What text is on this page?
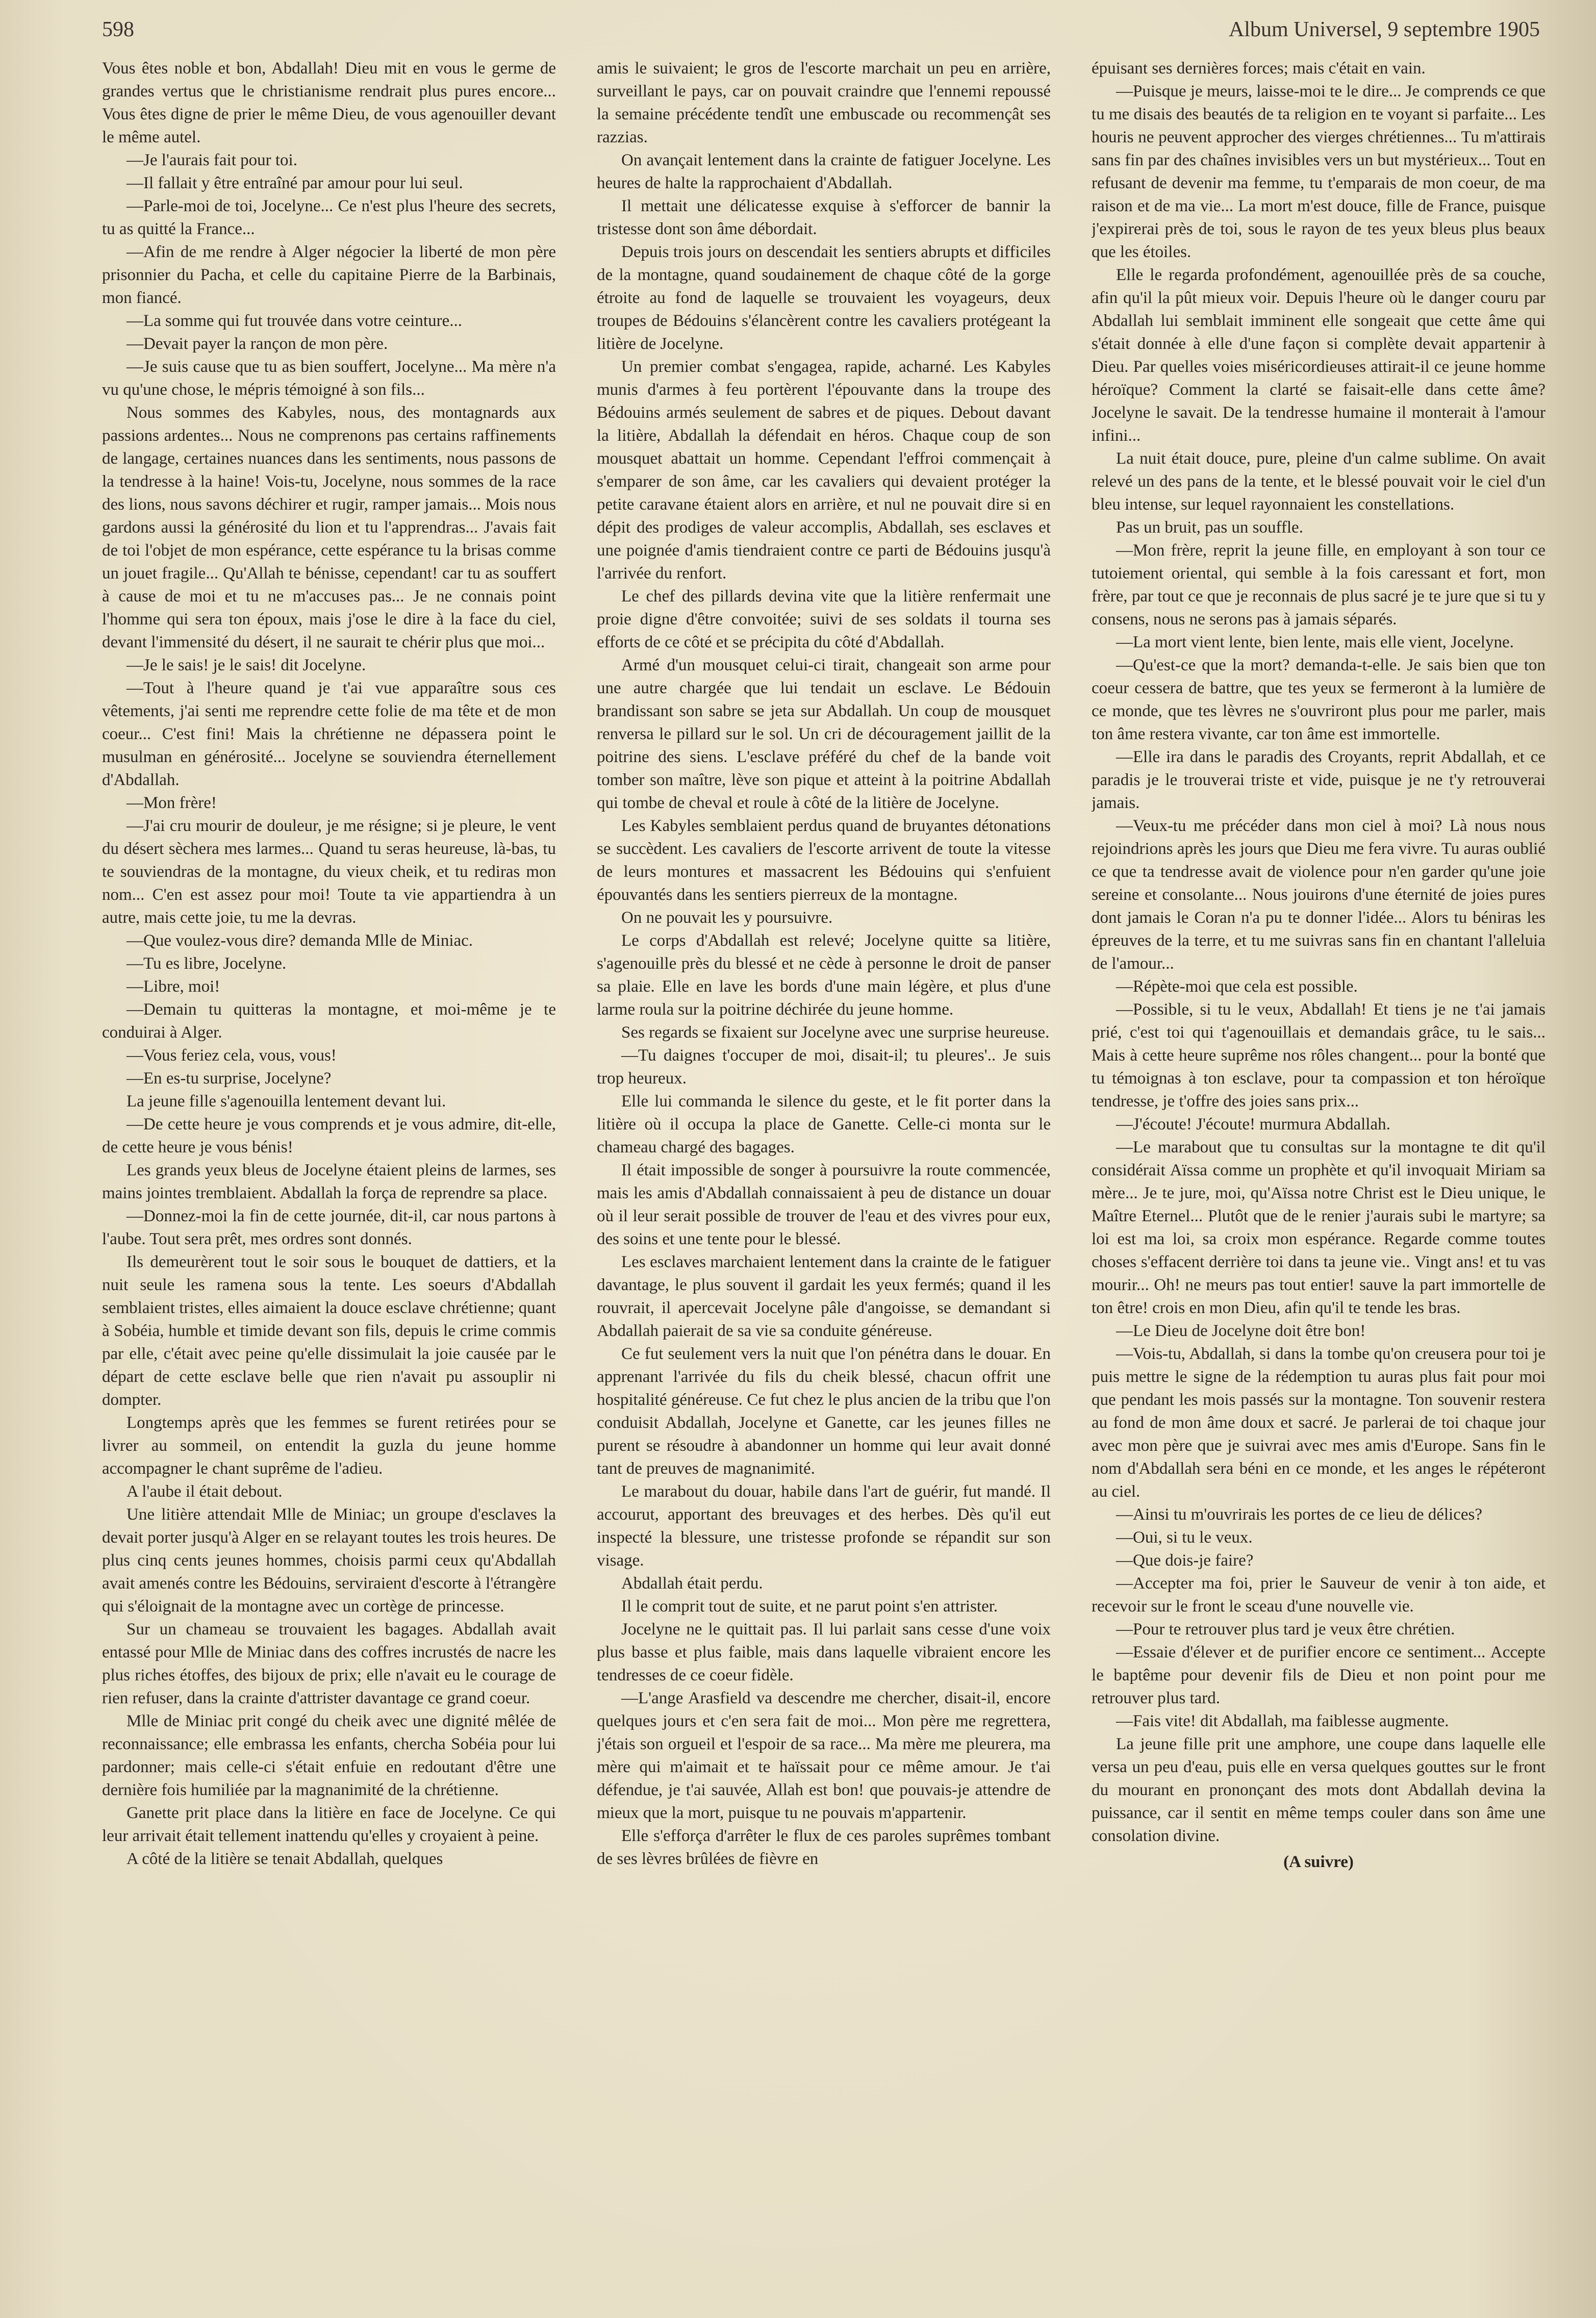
598	Album Universel, 9 septembre 1905

Vous êtes noble et bon, Abdallah! Dieu mit en vous le germe de grandes vertus que le christianisme rendrait plus pures encore... Vous êtes digne de prier le même Dieu, de vous agenouiller devant le même autel.

—Je l'aurais fait pour toi.

—Il fallait y être entraîné par amour pour lui seul.

—Parle-moi de toi, Jocelyne... Ce n'est plus l'heure des secrets, tu as quitté la France...

—Afin de me rendre à Alger négocier la liberté de mon père prisonnier du Pacha, et celle du capitaine Pierre de la Barbinais, mon fiancé.

—La somme qui fut trouvée dans votre ceinture...

—Devait payer la rançon de mon père.

—Je suis cause que tu as bien souffert, Jocelyne... Ma mère n'a vu qu'une chose, le mépris témoigné à son fils...

Nous sommes des Kabyles, nous, des montagnards aux passions ardentes... Nous ne comprenons pas certains raffinements de langage, certaines nuances dans les sentiments, nous passons de la tendresse à la haine! Vois-tu, Jocelyne, nous sommes de la race des lions, nous savons déchirer et rugir, ramper jamais... Mois nous gardons aussi la générosité du lion et tu l'apprendras... J'avais fait de toi l'objet de mon espérance, cette espérance tu la brisas comme un jouet fragile... Qu'Allah te bénisse, cependant! car tu as souffert à cause de moi et tu ne m'accuses pas... Je ne connais point l'homme qui sera ton époux, mais j'ose le dire à la face du ciel, devant l'immensité du désert, il ne saurait te chérir plus que moi...

—Je le sais! je le sais! dit Jocelyne.

—Tout à l'heure quand je t'ai vue apparaître sous ces vêtements, j'ai senti me reprendre cette folie de ma tête et de mon coeur... C'est fini! Mais la chrétienne ne dépassera point le musulman en générosité... Jocelyne se souviendra éternellement d'Abdallah.

—Mon frère!

—J'ai cru mourir de douleur, je me résigne; si je pleure, le vent du désert sèchera mes larmes... Quand tu seras heureuse, là-bas, tu te souviendras de la montagne, du vieux cheik, et tu rediras mon nom... C'en est assez pour moi! Toute ta vie appartiendra à un autre, mais cette joie, tu me la devras.

—Que voulez-vous dire? demanda Mlle de Miniac.

—Tu es libre, Jocelyne.

—Libre, moi!

—Demain tu quitteras la montagne, et moi-même je te conduirai à Alger.

—Vous feriez cela, vous, vous!

—En es-tu surprise, Jocelyne?

La jeune fille s'agenouilla lentement devant lui.

—De cette heure je vous comprends et je vous admire, dit-elle, de cette heure je vous bénis!

Les grands yeux bleus de Jocelyne étaient pleins de larmes, ses mains jointes tremblaient. Abdallah la força de reprendre sa place.

—Donnez-moi la fin de cette journée, dit-il, car nous partons à l'aube. Tout sera prêt, mes ordres sont donnés.

Ils demeurèrent tout le soir sous le bouquet de dattiers, et la nuit seule les ramena sous la tente. Les soeurs d'Abdallah semblaient tristes, elles aimaient la douce esclave chrétienne; quant à Sobéia, humble et timide devant son fils, depuis le crime commis par elle, c'était avec peine qu'elle dissimulait la joie causée par le départ de cette esclave belle que rien n'avait pu assouplir ni dompter.

Longtemps après que les femmes se furent retirées pour se livrer au sommeil, on entendit la guzla du jeune homme accompagner le chant suprême de l'adieu.

A l'aube il était debout.

Une litière attendait Mlle de Miniac; un groupe d'esclaves la devait porter jusqu'à Alger en se relayant toutes les trois heures. De plus cinq cents jeunes hommes, choisis parmi ceux qu'Abdallah avait amenés contre les Bédouins, serviraient d'escorte à l'étrangère qui s'éloignait de la montagne avec un cortège de princesse.

Sur un chameau se trouvaient les bagages. Abdallah avait entassé pour Mlle de Miniac dans des coffres incrustés de nacre les plus riches étoffes, des bijoux de prix; elle n'avait eu le courage de rien refuser, dans la crainte d'attrister davantage ce grand coeur.

Mlle de Miniac prit congé du cheik avec une dignité mêlée de reconnaissance; elle embrassa les enfants, chercha Sobéia pour lui pardonner; mais celle-ci s'était enfuie en redoutant d'être une dernière fois humiliée par la magnanimité de la chrétienne.

Ganette prit place dans la litière en face de Jocelyne. Ce qui leur arrivait était tellement inattendu qu'elles y croyaient à peine.

A côté de la litière se tenait Abdallah, quelques

amis le suivaient; le gros de l'escorte marchait un peu en arrière, surveillant le pays, car on pouvait craindre que l'ennemi repoussé la semaine précédente tendît une embuscade ou recommençât ses razzias.

On avançait lentement dans la crainte de fatiguer Jocelyne. Les heures de halte la rapprochaient d'Abdallah.

Il mettait une délicatesse exquise à s'efforcer de bannir la tristesse dont son âme débordait.

Depuis trois jours on descendait les sentiers abrupts et difficiles de la montagne, quand soudainement de chaque côté de la gorge étroite au fond de laquelle se trouvaient les voyageurs, deux troupes de Bédouins s'élancèrent contre les cavaliers protégeant la litière de Jocelyne.

Un premier combat s'engagea, rapide, acharné. Les Kabyles munis d'armes à feu portèrent l'épouvante dans la troupe des Bédouins armés seulement de sabres et de piques. Debout davant la litière, Abdallah la défendait en héros. Chaque coup de son mousquet abattait un homme. Cependant l'effroi commençait à s'emparer de son âme, car les cavaliers qui devaient protéger la petite caravane étaient alors en arrière, et nul ne pouvait dire si en dépit des prodiges de valeur accomplis, Abdallah, ses esclaves et une poignée d'amis tiendraient contre ce parti de Bédouins jusqu'à l'arrivée du renfort.

Le chef des pillards devina vite que la litière renfermait une proie digne d'être convoitée; suivi de ses soldats il tourna ses efforts de ce côté et se précipita du côté d'Abdallah.

Armé d'un mousquet celui-ci tirait, changeait son arme pour une autre chargée que lui tendait un esclave. Le Bédouin brandissant son sabre se jeta sur Abdallah. Un coup de mousquet renversa le pillard sur le sol. Un cri de découragement jaillit de la poitrine des siens. L'esclave préféré du chef de la bande voit tomber son maître, lève son pique et atteint à la poitrine Abdallah qui tombe de cheval et roule à côté de la litière de Jocelyne.

Les Kabyles semblaient perdus quand de bruyantes détonations se succèdent. Les cavaliers de l'escorte arrivent de toute la vitesse de leurs montures et massacrent les Bédouins qui s'enfuient épouvantés dans les sentiers pierreux de la montagne.

On ne pouvait les y poursuivre.

Le corps d'Abdallah est relevé; Jocelyne quitte sa litière, s'agenouille près du blessé et ne cède à personne le droit de panser sa plaie. Elle en lave les bords d'une main légère, et plus d'une larme roula sur la poitrine déchirée du jeune homme.

Ses regards se fixaient sur Jocelyne avec une surprise heureuse.

—Tu daignes t'occuper de moi, disait-il; tu pleures'.. Je suis trop heureux.

Elle lui commanda le silence du geste, et le fit porter dans la litière où il occupa la place de Ganette. Celle-ci monta sur le chameau chargé des bagages.

Il était impossible de songer à poursuivre la route commencée, mais les amis d'Abdallah connaissaient à peu de distance un douar où il leur serait possible de trouver de l'eau et des vivres pour eux, des soins et une tente pour le blessé.

Les esclaves marchaient lentement dans la crainte de le fatiguer davantage, le plus souvent il gardait les yeux fermés; quand il les rouvrait, il apercevait Jocelyne pâle d'angoisse, se demandant si Abdallah paierait de sa vie sa conduite généreuse.

Ce fut seulement vers la nuit que l'on pénétra dans le douar. En apprenant l'arrivée du fils du cheik blessé, chacun offrit une hospitalité généreuse. Ce fut chez le plus ancien de la tribu que l'on conduisit Abdallah, Jocelyne et Ganette, car les jeunes filles ne purent se résoudre à abandonner un homme qui leur avait donné tant de preuves de magnanimité.

Le marabout du douar, habile dans l'art de guérir, fut mandé. Il accourut, apportant des breuvages et des herbes. Dès qu'il eut inspecté la blessure, une tristesse profonde se répandit sur son visage.

Abdallah était perdu.

Il le comprit tout de suite, et ne parut point s'en attrister.

Jocelyne ne le quittait pas. Il lui parlait sans cesse d'une voix plus basse et plus faible, mais dans laquelle vibraient encore les tendresses de ce coeur fidèle.

—L'ange Arasfield va descendre me chercher, disait-il, encore quelques jours et c'en sera fait de moi... Mon père me regrettera, j'étais son orgueil et l'espoir de sa race... Ma mère me pleurera, ma mère qui m'aimait et te haïssait pour ce même amour. Je t'ai défendue, je t'ai sauvée, Allah est bon! que pouvais-je attendre de mieux que la mort, puisque tu ne pouvais m'appartenir.

Elle s'efforça d'arrêter le flux de ces paroles suprêmes tombant de ses lèvres brûlées de fièvre en

épuisant ses dernières forces; mais c'était en vain.

—Puisque je meurs, laisse-moi te le dire... Je comprends ce que tu me disais des beautés de ta religion en te voyant si parfaite... Les houris ne peuvent approcher des vierges chrétiennes... Tu m'attirais sans fin par des chaînes invisibles vers un but mystérieux... Tout en refusant de devenir ma femme, tu t'emparais de mon coeur, de ma raison et de ma vie... La mort m'est douce, fille de France, puisque j'expirerai près de toi, sous le rayon de tes yeux bleus plus beaux que les étoiles.

Elle le regarda profondément, agenouillée près de sa couche, afin qu'il la pût mieux voir. Depuis l'heure où le danger couru par Abdallah lui semblait imminent elle songeait que cette âme qui s'était donnée à elle d'une façon si complète devait appartenir à Dieu. Par quelles voies miséricordieuses attirait-il ce jeune homme héroïque? Comment la clarté se faisait-elle dans cette âme? Jocelyne le savait. De la tendresse humaine il monterait à l'amour infini...

La nuit était douce, pure, pleine d'un calme sublime. On avait relevé un des pans de la tente, et le blessé pouvait voir le ciel d'un bleu intense, sur lequel rayonnaient les constellations.

Pas un bruit, pas un souffle.

—Mon frère, reprit la jeune fille, en employant à son tour ce tutoiement oriental, qui semble à la fois caressant et fort, mon frère, par tout ce que je reconnais de plus sacré je te jure que si tu y consens, nous ne serons pas à jamais séparés.

—La mort vient lente, bien lente, mais elle vient, Jocelyne.

—Qu'est-ce que la mort? demanda-t-elle. Je sais bien que ton coeur cessera de battre, que tes yeux se fermeront à la lumière de ce monde, que tes lèvres ne s'ouvriront plus pour me parler, mais ton âme restera vivante, car ton âme est immortelle.

—Elle ira dans le paradis des Croyants, reprit Abdallah, et ce paradis je le trouverai triste et vide, puisque je ne t'y retrouverai jamais.

—Veux-tu me précéder dans mon ciel à moi? Là nous nous rejoindrions après les jours que Dieu me fera vivre. Tu auras oublié ce que ta tendresse avait de violence pour n'en garder qu'une joie sereine et consolante... Nous jouirons d'une éternité de joies pures dont jamais le Coran n'a pu te donner l'idée... Alors tu béniras les épreuves de la terre, et tu me suivras sans fin en chantant l'alleluia de l'amour...

—Répète-moi que cela est possible.

—Possible, si tu le veux, Abdallah! Et tiens je ne t'ai jamais prié, c'est toi qui t'agenouillais et demandais grâce, tu le sais... Mais à cette heure suprême nos rôles changent... pour la bonté que tu témoignas à ton esclave, pour ta compassion et ton héroïque tendresse, je t'offre des joies sans prix...

—J'écoute! J'écoute! murmura Abdallah.

—Le marabout que tu consultas sur la montagne te dit qu'il considérait Aïssa comme un prophète et qu'il invoquait Miriam sa mère... Je te jure, moi, qu'Aïssa notre Christ est le Dieu unique, le Maître Eternel... Plutôt que de le renier j'aurais subi le martyre; sa loi est ma loi, sa croix mon espérance. Regarde comme toutes choses s'effacent derrière toi dans ta jeune vie.. Vingt ans! et tu vas mourir... Oh! ne meurs pas tout entier! sauve la part immortelle de ton être! crois en mon Dieu, afin qu'il te tende les bras.

—Le Dieu de Jocelyne doit être bon!

—Vois-tu, Abdallah, si dans la tombe qu'on creusera pour toi je puis mettre le signe de la rédemption tu auras plus fait pour moi que pendant les mois passés sur la montagne. Ton souvenir restera au fond de mon âme doux et sacré. Je parlerai de toi chaque jour avec mon père que je suivrai avec mes amis d'Europe. Sans fin le nom d'Abdallah sera béni en ce monde, et les anges le répéteront au ciel.

—Ainsi tu m'ouvrirais les portes de ce lieu de délices?

—Oui, si tu le veux.

—Que dois-je faire?

—Accepter ma foi, prier le Sauveur de venir à ton aide, et recevoir sur le front le sceau d'une nouvelle vie.

—Pour te retrouver plus tard je veux être chrétien.

—Essaie d'élever et de purifier encore ce sentiment... Accepte le baptême pour devenir fils de Dieu et non point pour me retrouver plus tard.

—Fais vite! dit Abdallah, ma faiblesse augmente.

La jeune fille prit une amphore, une coupe dans laquelle elle versa un peu d'eau, puis elle en versa quelques gouttes sur le front du mourant en prononçant des mots dont Abdallah devina la puissance, car il sentit en même temps couler dans son âme une consolation divine.

(A suivre)
